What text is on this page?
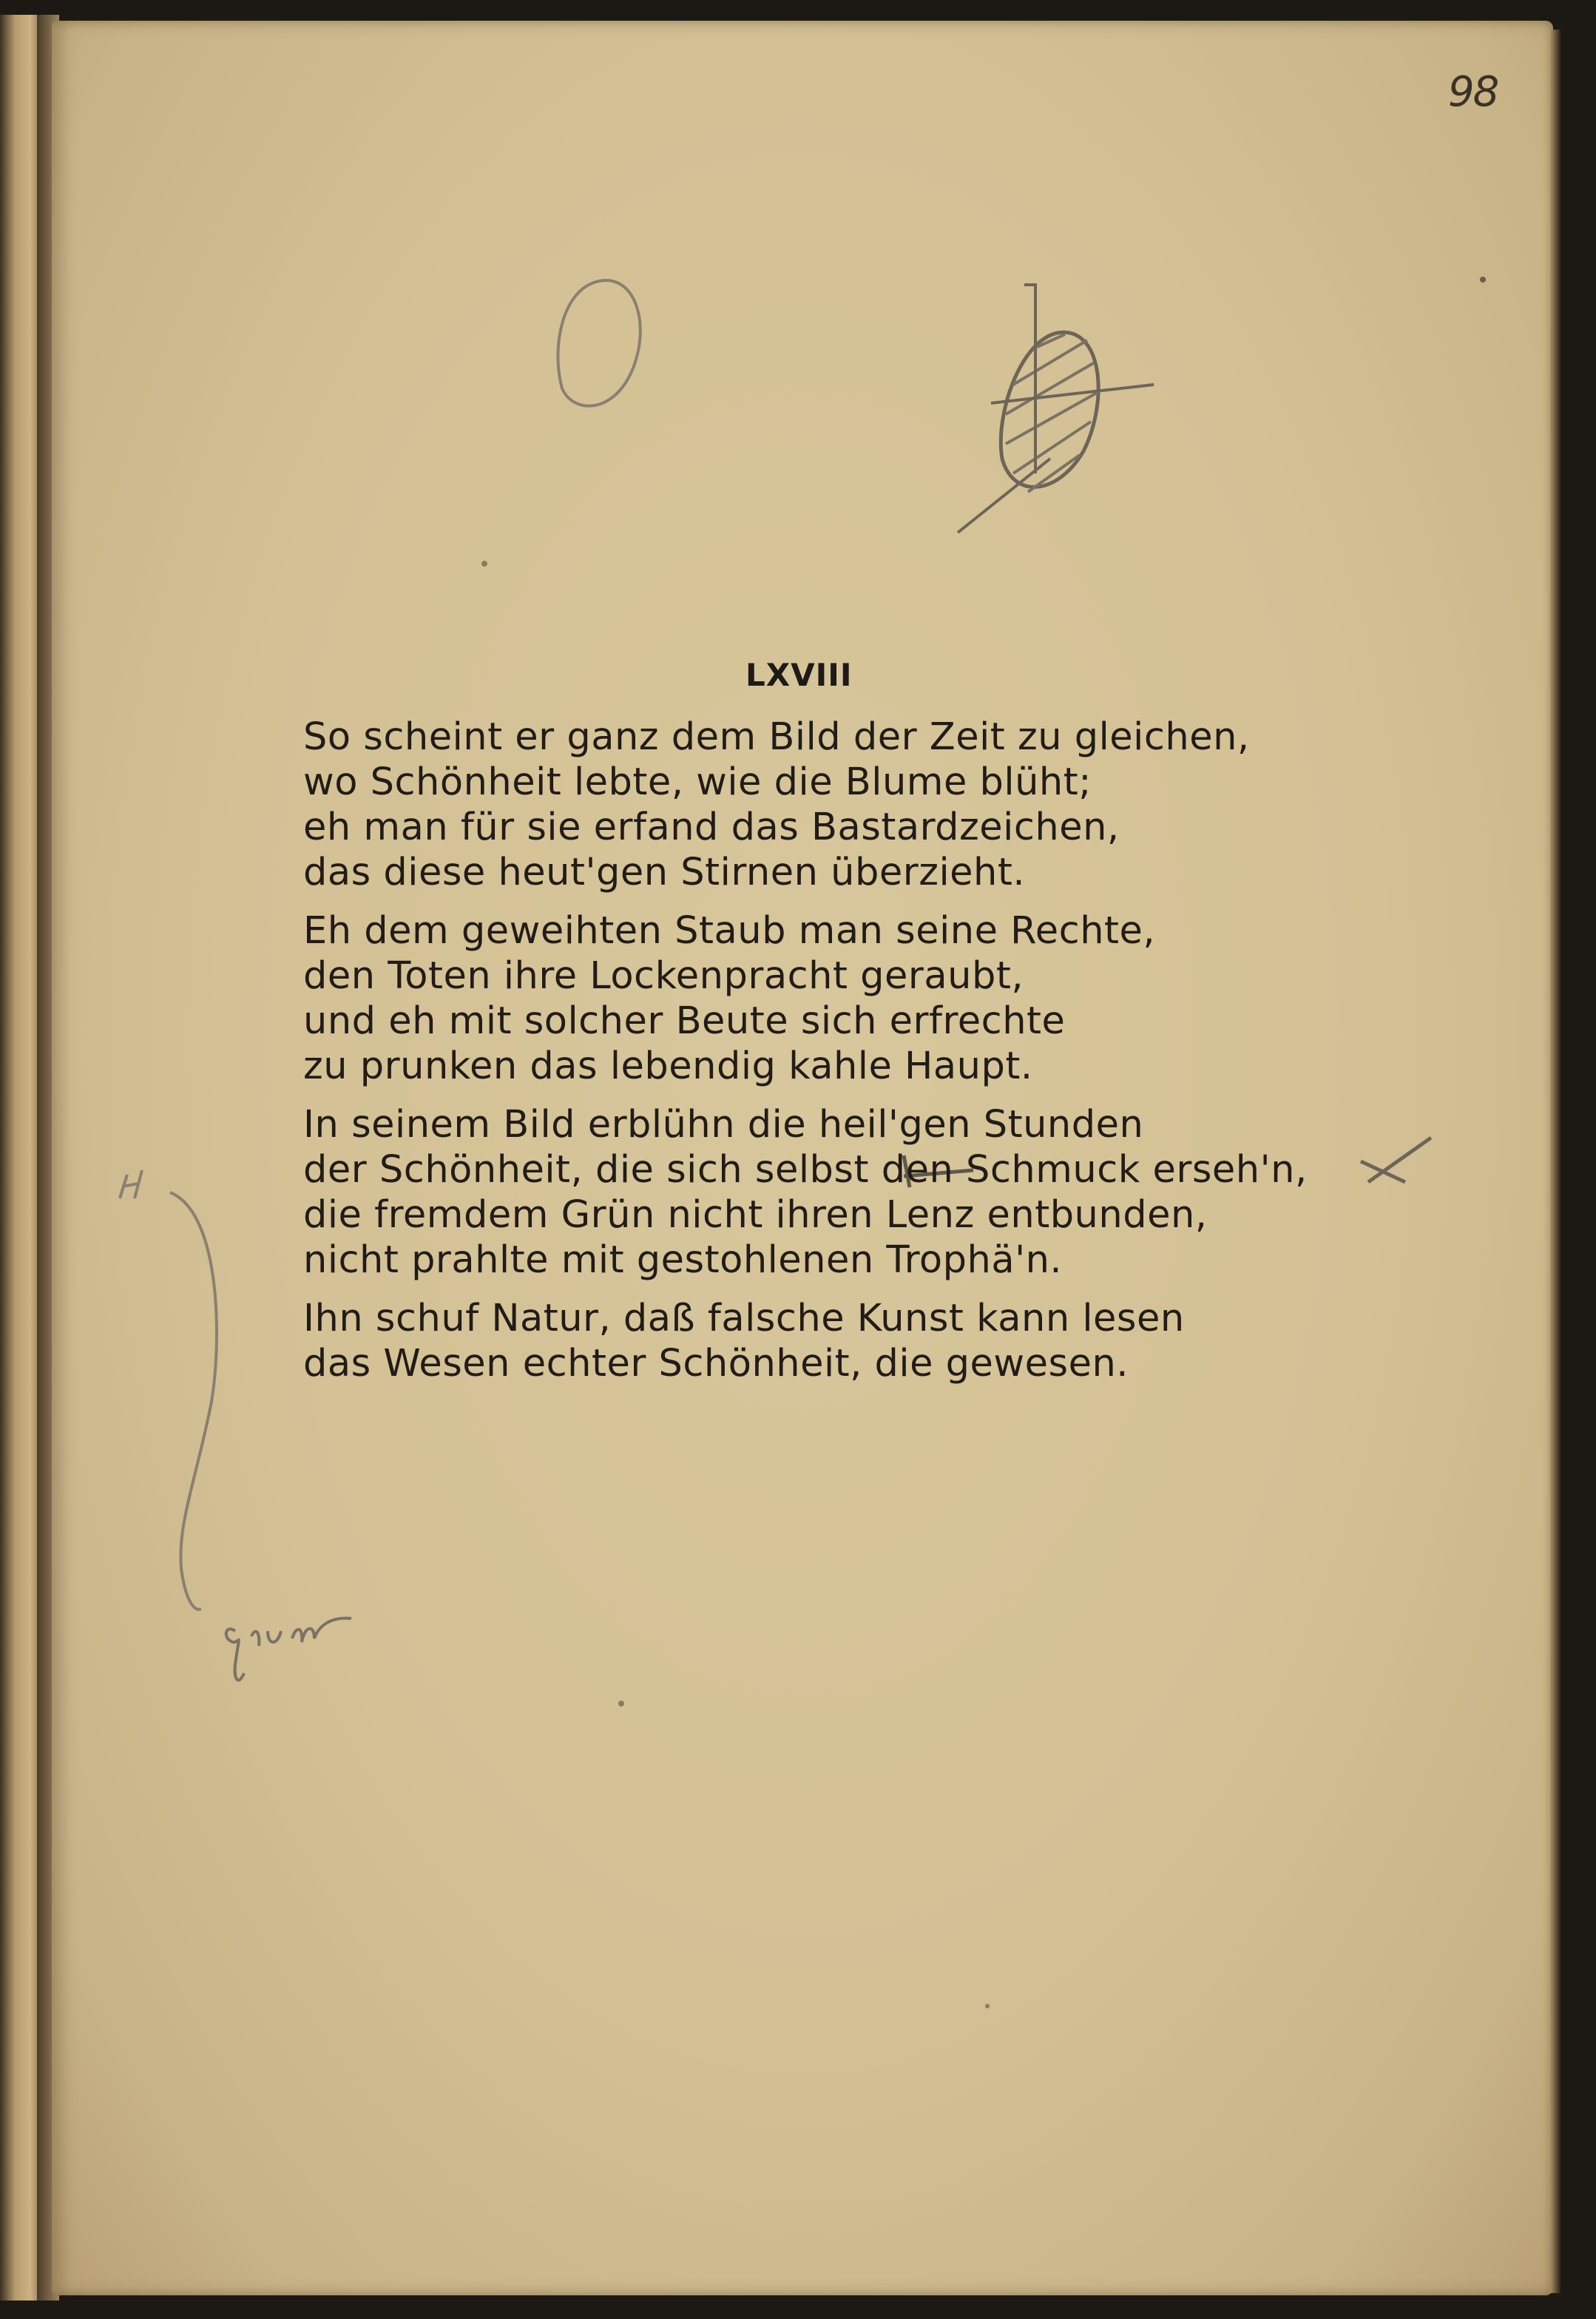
98
LXVIII
So scheint er ganz dem Bild der Zeit zu gleichen,
wo Schönheit lebte, wie die Blume blüht;
eh man für sie erfand das Bastardzeichen,
das diese heut'gen Stirnen überzieht.
Eh dem geweihten Staub man seine Rechte,
den Toten ihre Lockenpracht geraubt,
und eh mit solcher Beute sich erfrechte
zu prunken das lebendig kahle Haupt.
In seinem Bild erblühn die heil'gen Stunden
der Schönheit, die sich selbst den Schmuck erseh'n,
die fremdem Grün nicht ihren Lenz entbunden,
nicht prahlte mit gestohlenen Trophä'n.
Ihn schuf Natur, daß falsche Kunst kann lesen
das Wesen echter Schönheit, die gewesen.
